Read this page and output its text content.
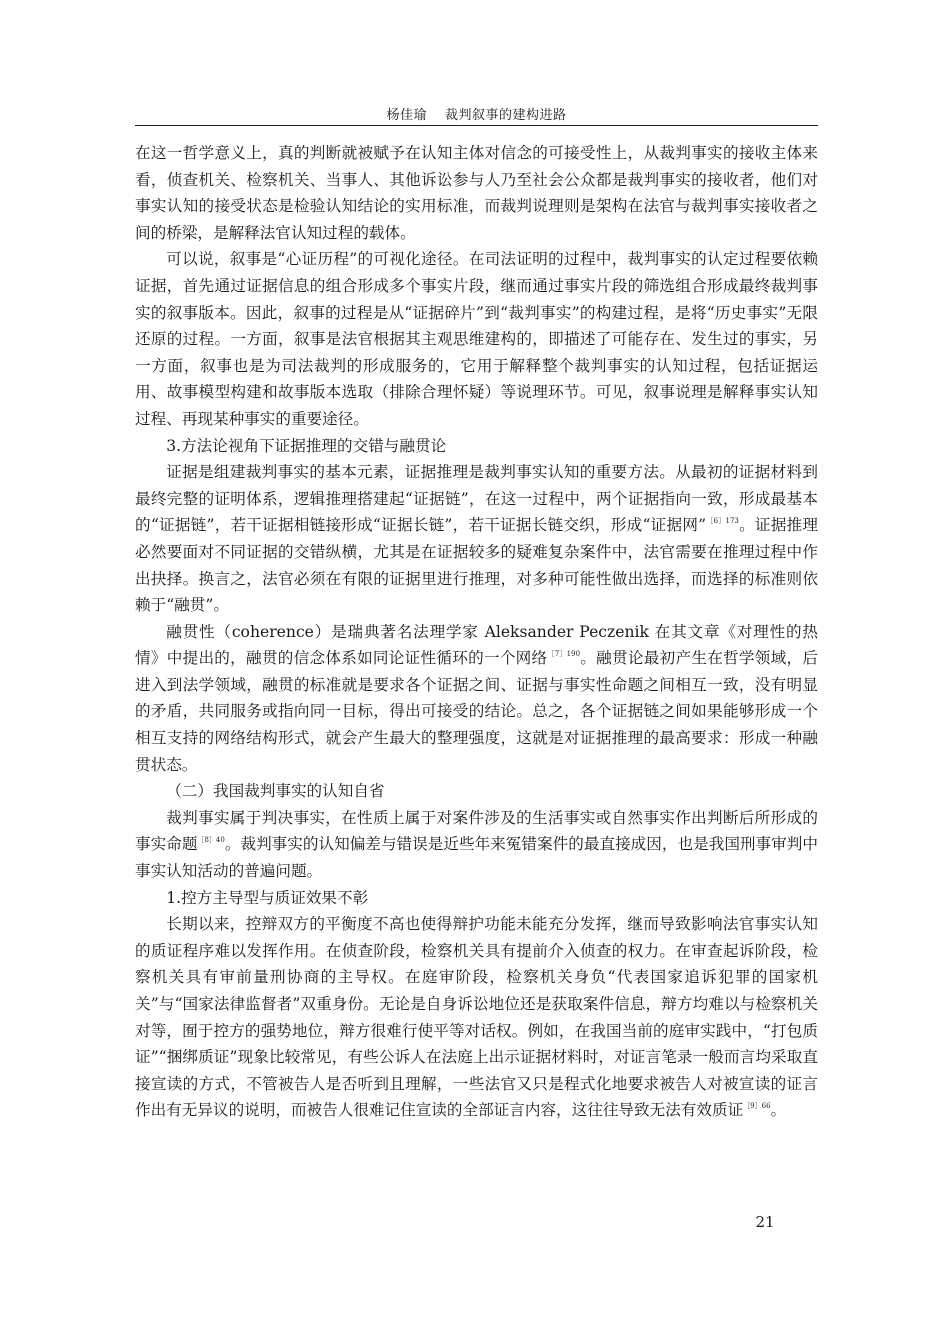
杨佳瑜 裁判叙事的建构进路

在这一哲学意义上，真的判断就被赋予在认知主体对信念的可接受性上，从裁判事实的接收主体来看，侦查机关、检察机关、当事人、其他诉讼参与人乃至社会公众都是裁判事实的接收者，他们对事实认知的接受状态是检验认知结论的实用标准，而裁判说理则是架构在法官与裁判事实接收者之间的桥梁，是解释法官认知过程的载体。

可以说，叙事是“心证历程”的可视化途径。在司法证明的过程中，裁判事实的认定过程要依赖证据，首先通过证据信息的组合形成多个事实片段，继而通过事实片段的筛选组合形成最终裁判事实的叙事版本。因此，叙事的过程是从“证据碎片”到“裁判事实”的构建过程，是将“历史事实”无限还原的过程。一方面，叙事是法官根据其主观思维建构的，即描述了可能存在、发生过的事实，另一方面，叙事也是为司法裁判的形成服务的，它用于解释整个裁判事实的认知过程，包括证据运用、故事模型构建和故事版本选取（排除合理怀疑）等说理环节。可见，叙事说理是解释事实认知过程、再现某种事实的重要途径。

3.方法论视角下证据推理的交错与融贯论

证据是组建裁判事实的基本元素，证据推理是裁判事实认知的重要方法。从最初的证据材料到最终完整的证明体系，逻辑推理搭建起“证据链”，在这一过程中，两个证据指向一致，形成最基本的“证据链”，若干证据相链接形成“证据长链”，若干证据长链交织，形成“证据网”$^{[6]173}$。证据推理必然要面对不同证据的交错纵横，尤其是在证据较多的疑难复杂案件中，法官需要在推理过程中作出抉择。换言之，法官必须在有限的证据里进行推理，对多种可能性做出选择，而选择的标准则依赖于“融贯”。

融贯性（coherence）是瑞典著名法理学家 Aleksander Peczenik 在其文章《对理性的热情》中提出的，融贯的信念体系如同论证性循环的一个网络$^{[7]190}$。融贯论最初产生在哲学领域，后进入到法学领域，融贯的标准就是要求各个证据之间、证据与事实性命题之间相互一致，没有明显的矛盾，共同服务或指向同一目标，得出可接受的结论。总之，各个证据链之间如果能够形成一个相互支持的网络结构形式，就会产生最大的整理强度，这就是对证据推理的最高要求：形成一种融贯状态。

（二）我国裁判事实的认知自省

裁判事实属于判决事实，在性质上属于对案件涉及的生活事实或自然事实作出判断后所形成的事实命题$^{[8]40}$。裁判事实的认知偏差与错误是近些年来冤错案件的最直接成因，也是我国刑事审判中事实认知活动的普遍问题。

1.控方主导型与质证效果不彰

长期以来，控辩双方的平衡度不高也使得辩护功能未能充分发挥，继而导致影响法官事实认知的质证程序难以发挥作用。在侦查阶段，检察机关具有提前介入侦查的权力。在审查起诉阶段，检察机关具有审前量刑协商的主导权。在庭审阶段，检察机关身负“代表国家追诉犯罪的国家机关”与“国家法律监督者”双重身份。无论是自身诉讼地位还是获取案件信息，辩方均难以与检察机关对等，囿于控方的强势地位，辩方很难行使平等对话权。例如，在我国当前的庭审实践中，“打包质证”“捆绑质证”现象比较常见，有些公诉人在法庭上出示证据材料时，对证言笔录一般而言均采取直接宣读的方式，不管被告人是否听到且理解，一些法官又只是程式化地要求被告人对被宣读的证言作出有无异议的说明，而被告人很难记住宣读的全部证言内容，这往往导致无法有效质证$^{[9]66}$。

21
